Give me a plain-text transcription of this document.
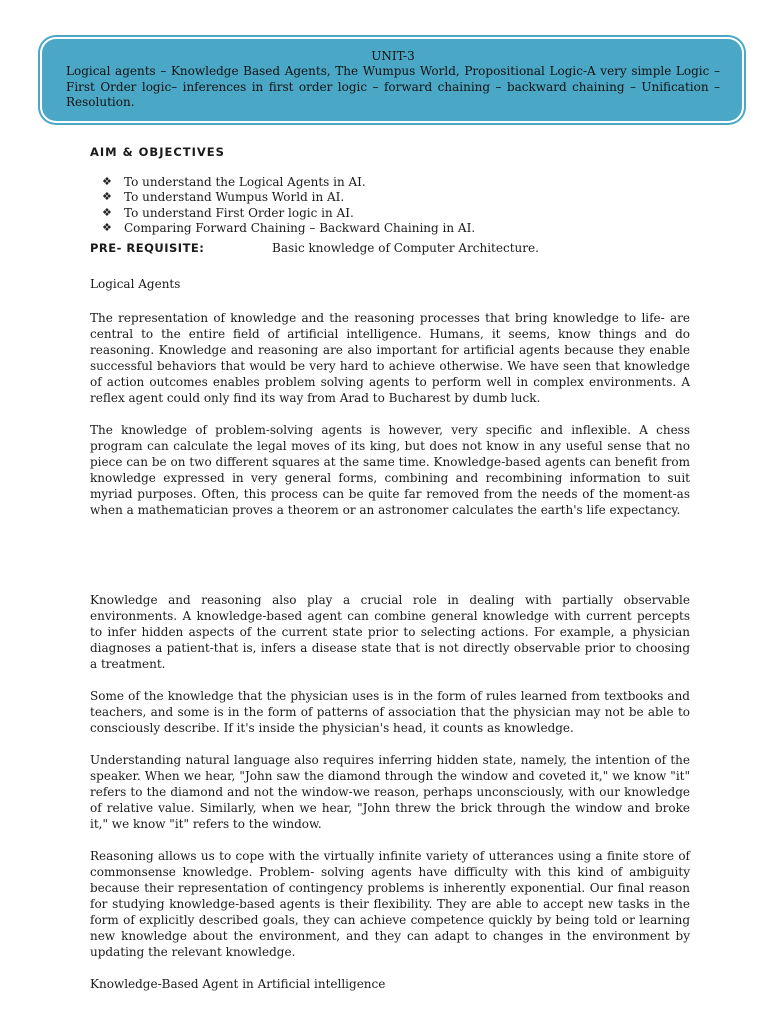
UNIT-3
Logical agents – Knowledge Based Agents, The Wumpus World, Propositional Logic-A very simple Logic –First Order logic– inferences in first order logic – forward chaining – backward chaining – Unification – Resolution.
AIM & OBJECTIVES
❖	To understand the Logical Agents in AI.
❖	To understand Wumpus World in AI.
❖	To understand First Order logic in AI.
❖	Comparing Forward Chaining – Backward Chaining in AI.
PRE- REQUISITE:	Basic knowledge of Computer Architecture.
Logical Agents

The representation of knowledge and the reasoning processes that bring knowledge to life- are central to the entire field of artificial intelligence. Humans, it seems, know things and do reasoning. Knowledge and reasoning are also important for artificial agents because they enable successful behaviors that would be very hard to achieve otherwise. We have seen that knowledge of action outcomes enables problem solving agents to perform well in complex environments. A reflex agent could only find its way from Arad to Bucharest by dumb luck.

The knowledge of problem-solving agents is however, very specific and inflexible. A chess program can calculate the legal moves of its king, but does not know in any useful sense that no piece can be on two different squares at the same time. Knowledge-based agents can benefit from knowledge expressed in very general forms, combining and recombining information to suit myriad purposes. Often, this process can be quite far removed from the needs of the moment-as when a mathematician proves a theorem or an astronomer calculates the earth's life expectancy.

Knowledge and reasoning also play a crucial role in dealing with partially observable environments. A knowledge-based agent can combine general knowledge with current percepts to infer hidden aspects of the current state prior to selecting actions. For example, a physician diagnoses a patient-that is, infers a disease state that is not directly observable prior to choosing a treatment.

Some of the knowledge that the physician uses is in the form of rules learned from textbooks and teachers, and some is in the form of patterns of association that the physician may not be able to consciously describe. If it's inside the physician's head, it counts as knowledge.

Understanding natural language also requires inferring hidden state, namely, the intention of the speaker. When we hear, "John saw the diamond through the window and coveted it," we know "it" refers to the diamond and not the window-we reason, perhaps unconsciously, with our knowledge of relative value. Similarly, when we hear, "John threw the brick through the window and broke it," we know "it" refers to the window.

Reasoning allows us to cope with the virtually infinite variety of utterances using a finite store of commonsense knowledge. Problem- solving agents have difficulty with this kind of ambiguity because their representation of contingency problems is inherently exponential. Our final reason for studying knowledge-based agents is their flexibility. They are able to accept new tasks in the form of explicitly described goals, they can achieve competence quickly by being told or learning new knowledge about the environment, and they can adapt to changes in the environment by updating the relevant knowledge.

Knowledge-Based Agent in Artificial intelligence
